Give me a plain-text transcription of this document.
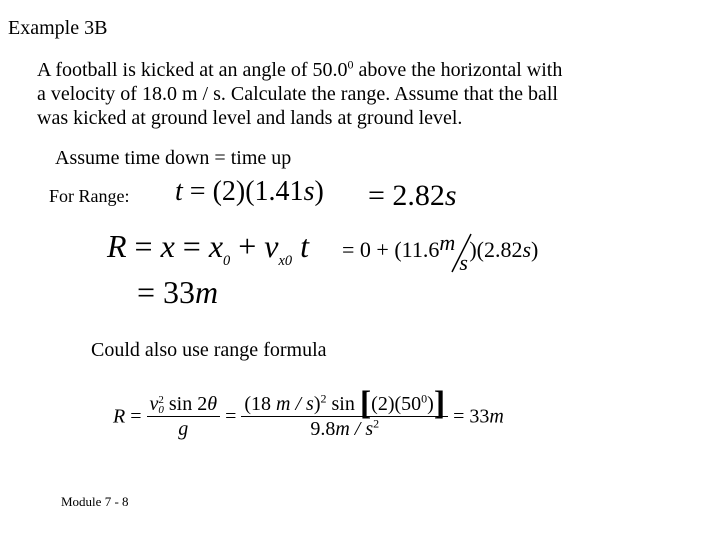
Example 3B
A football is kicked at an angle of 50.0$^0$ above the horizontal with
a velocity of 18.0 m / s. Calculate the range. Assume that the ball
was kicked at ground level and lands at ground level.
Assume time down = time up
For Range: t = (2)(1.41s) = 2.82s
$R = x = x_0 + v_{x0}$ t = 0 + (11.6 m
s
)(2.82s)
= 33m
Could also use range formula
R = v 2
0 sin 2θ
$g = \frac{(18 m / s)^2 \sin [(2)(50^0)]}{9.8m / s^2} = 33m$
Module 7 - 8
